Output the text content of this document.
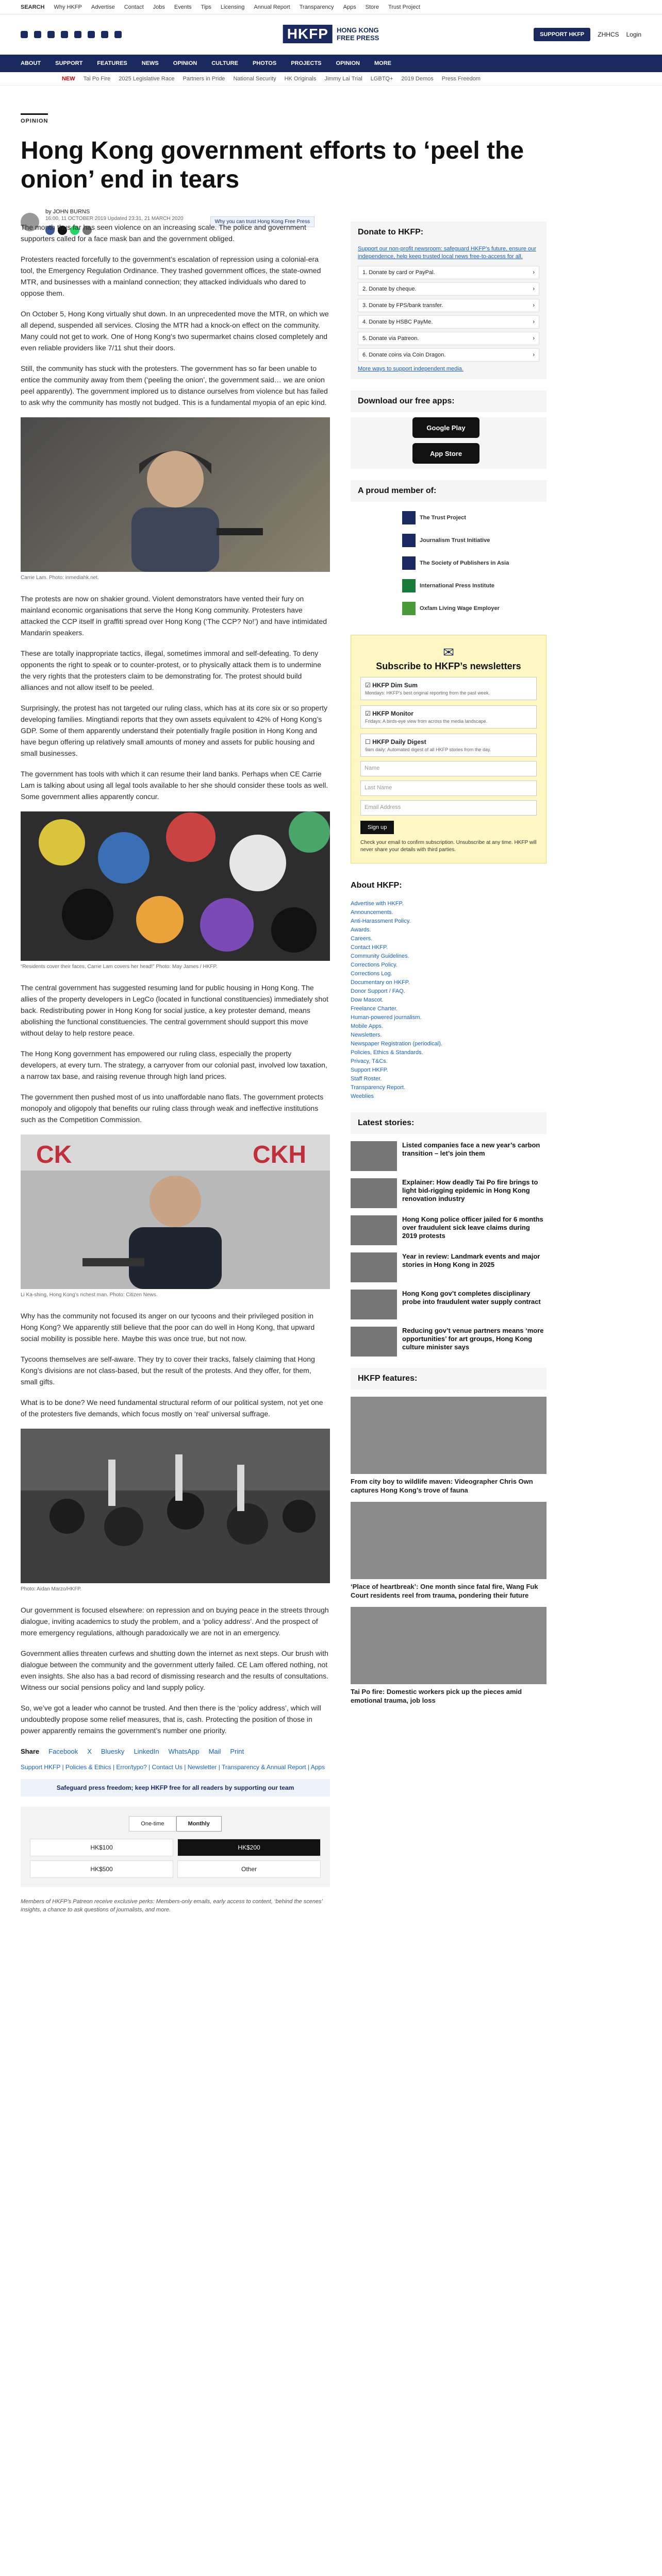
SEARCH Why HKFP Advertise Contact Jobs Events Tips Licensing Annual Report Transparency Apps Store Trust Project
HKFP	HONG KONG
FREE PRESS	SUPPORT HKFP	ZHHCS Login
ABOUT	SUPPORT	FEATURES	NEWS	OPINION	CULTURE	PHOTOS	PROJECTS	OPINION	MORE
NEW Tai Po Fire 2025 Legislative Race Partners in Pride National Security HK Originals Jimmy Lai Trial LGBTQ+ 2019 Demos Press Freedom
OPINION
Hong Kong government efforts to ‘peel the onion’ end in tears
by JOHN BURNS
16:00, 11 OCTOBER 2019 Updated 23:31, 21 MARCH 2020
Why you can trust Hong Kong Free Press

The month thus far has seen violence on an increasing scale. The police and government supporters called for a face mask ban and the government obliged.

Protesters reacted forcefully to the government’s escalation of repression using a colonial-era tool, the Emergency Regulation Ordinance. They trashed government offices, the state-owned MTR, and businesses with a mainland connection; they attacked individuals who dared to oppose them.

On October 5, Hong Kong virtually shut down. In an unprecedented move the MTR, on which we all depend, suspended all services. Closing the MTR had a knock-on effect on the community. Many could not get to work. One of Hong Kong’s two supermarket chains closed completely and even reliable providers like 7/11 shut their doors.

Still, the community has stuck with the protesters. The government has so far been unable to entice the community away from them (‘peeling the onion’, the government said… we are onion peel apparently). The government implored us to distance ourselves from violence but has failed to ask why the community has mostly not budged. This is a fundamental myopia of an epic kind.

Carrie Lam. Photo: inmediahk.net.

The protests are now on shakier ground. Violent demonstrators have vented their fury on mainland economic organisations that serve the Hong Kong community. Protesters have attacked the CCP itself in graffiti spread over Hong Kong (‘The CCP? No!’) and have intimidated Mandarin speakers.

These are totally inappropriate tactics, illegal, sometimes immoral and self-defeating. To deny opponents the right to speak or to counter-protest, or to physically attack them is to undermine the very rights that the protesters claim to be demonstrating for. The protest should build alliances and not allow itself to be peeled.

Surprisingly, the protest has not targeted our ruling class, which has at its core six or so property developing families. Mingtiandi reports that they own assets equivalent to 42% of Hong Kong’s GDP. Some of them apparently understand their potentially fragile position in Hong Kong and have begun offering up relatively small amounts of money and assets for public housing and small businesses.

The government has tools with which it can resume their land banks. Perhaps when CE Carrie Lam is talking about using all legal tools available to her she should consider these tools as well. Some government allies apparently concur.

“Residents cover their faces, Carrie Lam covers her head!” Photo: May James / HKFP.

The central government has suggested resuming land for public housing in Hong Kong. The allies of the property developers in LegCo (located in functional constituencies) immediately shot back. Redistributing power in Hong Kong for social justice, a key protester demand, means abolishing the functional constituencies. The central government should support this move without delay to help restore peace.

The Hong Kong government has empowered our ruling class, especially the property developers, at every turn. The strategy, a carryover from our colonial past, involved low taxation, a narrow tax base, and raising revenue through high land prices.

The government then pushed most of us into unaffordable nano flats. The government protects monopoly and oligopoly that benefits our ruling class through weak and ineffective institutions such as the Competition Commission.

CK	CKH
Li Ka-shing, Hong Kong’s richest man. Photo: Citizen News.

Why has the community not focused its anger on our tycoons and their privileged position in Hong Kong? We apparently still believe that the poor can do well in Hong Kong, that upward social mobility is possible here. Maybe this was once true, but not now.

Tycoons themselves are self-aware. They try to cover their tracks, falsely claiming that Hong Kong’s divisions are not class-based, but the result of the protests. And they offer, for them, small gifts.

What is to be done? We need fundamental structural reform of our political system, not yet one of the protesters five demands, which focus mostly on ‘real’ universal suffrage.

Photo: Aidan Marzo/HKFP.

Our government is focused elsewhere: on repression and on buying peace in the streets through dialogue, inviting academics to study the problem, and a ‘policy address’. And the prospect of more emergency regulations, although paradoxically we are not in an emergency.

Government allies threaten curfews and shutting down the internet as next steps. Our brush with dialogue between the community and the government utterly failed. CE Lam offered nothing, not even insights. She also has a bad record of dismissing research and the results of consultations. Witness our social pensions policy and land supply policy.

So, we’ve got a leader who cannot be trusted. And then there is the ‘policy address’, which will undoubtedly propose some relief measures, that is, cash. Protecting the position of those in power apparently remains the government’s number one priority.

Share Facebook X Bluesky LinkedIn WhatsApp Mail Print
Support HKFP | Policies & Ethics | Error/typo? | Contact Us | Newsletter | Transparency & Annual Report | Apps
Safeguard press freedom; keep HKFP free for all readers by supporting our team
One-time	Monthly
HK$100	HK$200
HK$500	Other
Members of HKFP’s Patreon receive exclusive perks: Members-only emails, early access to content, ‘behind the scenes’ insights, a chance to ask questions of journalists, and more.
Donate to HKFP:
Support our non-profit newsroom: safeguard HKFP’s future, ensure our independence, help keep trusted local news free-to-access for all.
1. Donate by card or PayPal.	›
2. Donate by cheque.	›
3. Donate by FPS/bank transfer.	›
4. Donate by HSBC PayMe.	›
5. Donate via Patreon.	›
6. Donate coins via Coin Dragon.	›
More ways to support independent media.
Download our free apps:
Google Play
App Store
A proud member of:
The Trust Project
Journalism Trust Initiative
The Society of Publishers in Asia
International Press Institute
Oxfam Living Wage Employer
✉
Subscribe to HKFP’s newsletters
☑ HKFP Dim Sum
Mondays: HKFP’s best original reporting from the past week.
☑ HKFP Monitor
Fridays: A birds-eye view from across the media landscape.
☐ HKFP Daily Digest
9am daily: Automated digest of all HKFP stories from the day.
Name
Last Name
Email Address
Sign up
Check your email to confirm subscription. Unsubscribe at any time. HKFP will never share your details with third parties.
About HKFP:
Advertise with HKFP.
Announcements.
Anti-Harassment Policy.
Awards.
Careers.
Contact HKFP.
Community Guidelines.
Corrections Policy.
Corrections Log.
Documentary on HKFP.
Donor Support / FAQ.
Dow Mascot.
Freelance Charter.
Human-powered journalism.
Mobile Apps.
Newsletters.
Newspaper Registration (periodical).
Policies, Ethics & Standards.
Privacy, T&Cs.
Support HKFP.
Staff Roster.
Transparency Report.
Weeblies
Latest stories:
Listed companies face a new year’s carbon transition – let’s join them
Explainer: How deadly Tai Po fire brings to light bid-rigging epidemic in Hong Kong renovation industry
Hong Kong police officer jailed for 6 months over fraudulent sick leave claims during 2019 protests
Year in review: Landmark events and major stories in Hong Kong in 2025
Hong Kong gov’t completes disciplinary probe into fraudulent water supply contract
Reducing gov’t venue partners means ‘more opportunities’ for art groups, Hong Kong culture minister says
HKFP features:
From city boy to wildlife maven: Videographer Chris Own captures Hong Kong’s trove of fauna
‘Place of heartbreak’: One month since fatal fire, Wang Fuk Court residents reel from trauma, pondering their future
Tai Po fire: Domestic workers pick up the pieces amid emotional trauma, job loss
